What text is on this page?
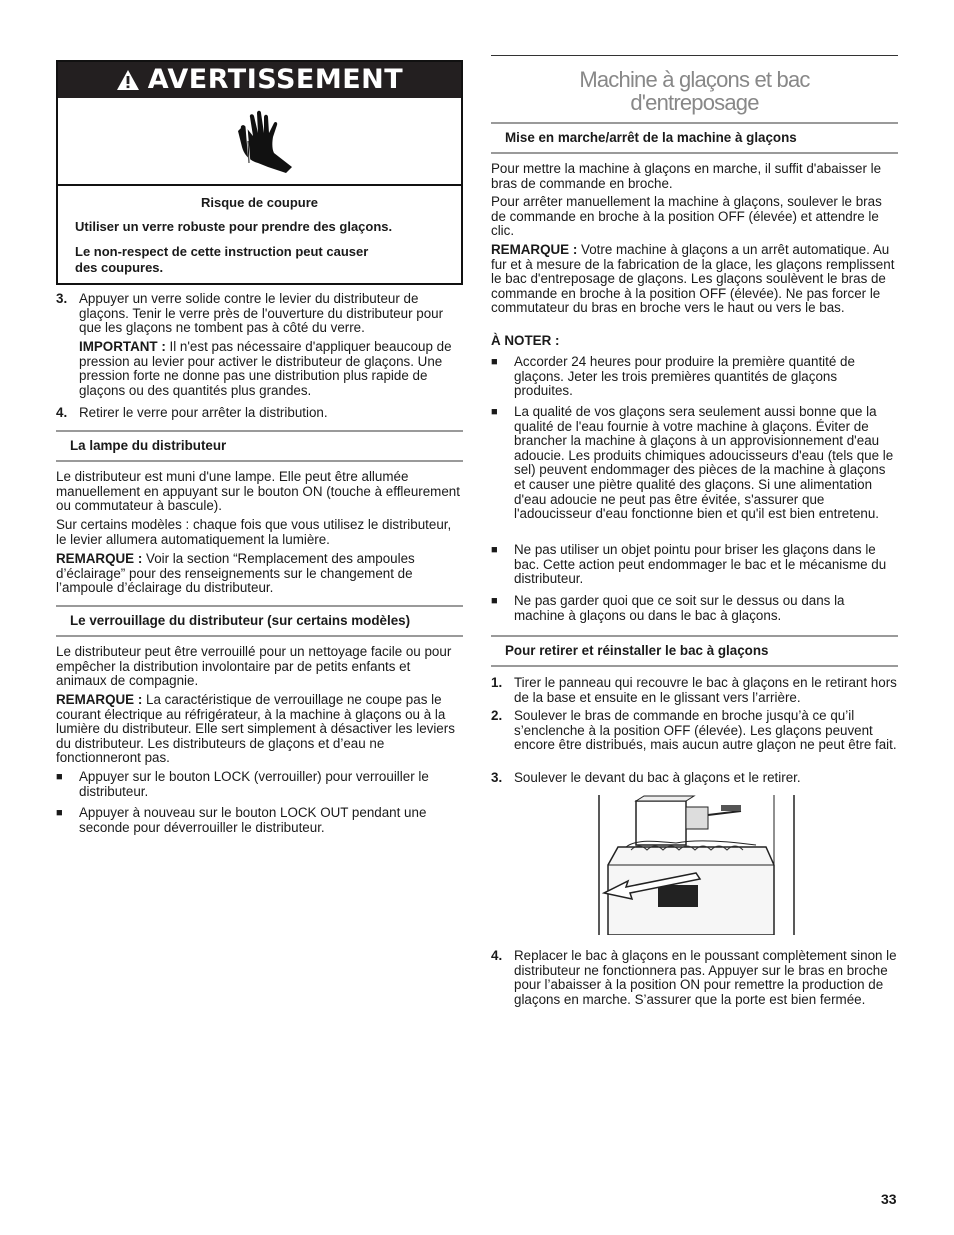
AVERTISSEMENT

Risque de coupure

Utiliser un verre robuste pour prendre des glaçons.

Le non-respect de cette instruction peut causer

des coupures.

3. Appuyer un verre solide contre le levier du distributeur de glaçons. Tenir le verre près de l'ouverture du distributeur pour que les glaçons ne tombent pas à côté du verre.

IMPORTANT : Il n'est pas nécessaire d'appliquer beaucoup de pression au levier pour activer le distributeur de glaçons. Une pression forte ne donne pas une distribution plus rapide de glaçons ou des quantités plus grandes.

4. Retirer le verre pour arrêter la distribution.

La lampe du distributeur
Le distributeur est muni d'une lampe. Elle peut être allumée manuellement en appuyant sur le bouton ON (touche à effleurement ou commutateur à bascule).
Sur certains modèles : chaque fois que vous utilisez le distributeur, le levier allumera automatiquement la lumière.

REMARQUE : Voir la section “Remplacement des ampoules d’éclairage” pour des renseignements sur le changement de l’ampoule d’éclairage du distributeur.

Le verrouillage du distributeur (sur certains modèles)
Le distributeur peut être verrouillé pour un nettoyage facile ou pour empêcher la distribution involontaire par de petits enfants et animaux de compagnie.

REMARQUE : La caractéristique de verrouillage ne coupe pas le courant électrique au réfrigérateur, à la machine à glaçons ou à la lumière du distributeur. Elle sert simplement à désactiver les leviers du distributeur. Les distributeurs de glaçons et d’eau ne fonctionneront pas.

■ Appuyer sur le bouton LOCK (verrouiller) pour verrouiller le distributeur.

■ Appuyer à nouveau sur le bouton LOCK OUT pendant une seconde pour déverrouiller le distributeur.

Machine à glaçons et bac
d'entreposage
Mise en marche/arrêt de la machine à glaçons
Pour mettre la machine à glaçons en marche, il suffit d'abaisser le bras de commande en broche.
Pour arrêter manuellement la machine à glaçons, soulever le bras de commande en broche à la position OFF (élevée) et attendre le clic.

REMARQUE : Votre machine à glaçons a un arrêt automatique. Au fur et à mesure de la fabrication de la glace, les glaçons remplissent le bac d'entreposage de glaçons. Les glaçons soulèvent le bras de commande en broche à la position OFF (élevée). Ne pas forcer le commutateur du bras en broche vers le haut ou vers le bas.

À NOTER :
■ Accorder 24 heures pour produire la première quantité de glaçons. Jeter les trois premières quantités de glaçons produites.

■ La qualité de vos glaçons sera seulement aussi bonne que la qualité de l'eau fournie à votre machine à glaçons. Éviter de brancher la machine à glaçons à un approvisionnement d'eau adoucie. Les produits chimiques adoucisseurs d'eau (tels que le sel) peuvent endommager des pièces de la machine à glaçons et causer une piètre qualité des glaçons. Si une alimentation d'eau adoucie ne peut pas être évitée, s'assurer que l'adoucisseur d'eau fonctionne bien et qu'il est bien entretenu.

■ Ne pas utiliser un objet pointu pour briser les glaçons dans le bac. Cette action peut endommager le bac et le mécanisme du distributeur.

■ Ne pas garder quoi que ce soit sur le dessus ou dans la machine à glaçons ou dans le bac à glaçons.

Pour retirer et réinstaller le bac à glaçons
1. Tirer le panneau qui recouvre le bac à glaçons en le retirant hors de la base et ensuite en le glissant vers l’arrière.

2. Soulever le bras de commande en broche jusqu’à ce qu’il s’enclenche à la position OFF (élevée). Les glaçons peuvent encore être distribués, mais aucun autre glaçon ne peut être fait.

3. Soulever le devant du bac à glaçons et le retirer.

4. Replacer le bac à glaçons en le poussant complètement sinon le distributeur ne fonctionnera pas. Appuyer sur le bras en broche pour l’abaisser à la position ON pour remettre la production de glaçons en marche. S’assurer que la porte est bien fermée.

33
